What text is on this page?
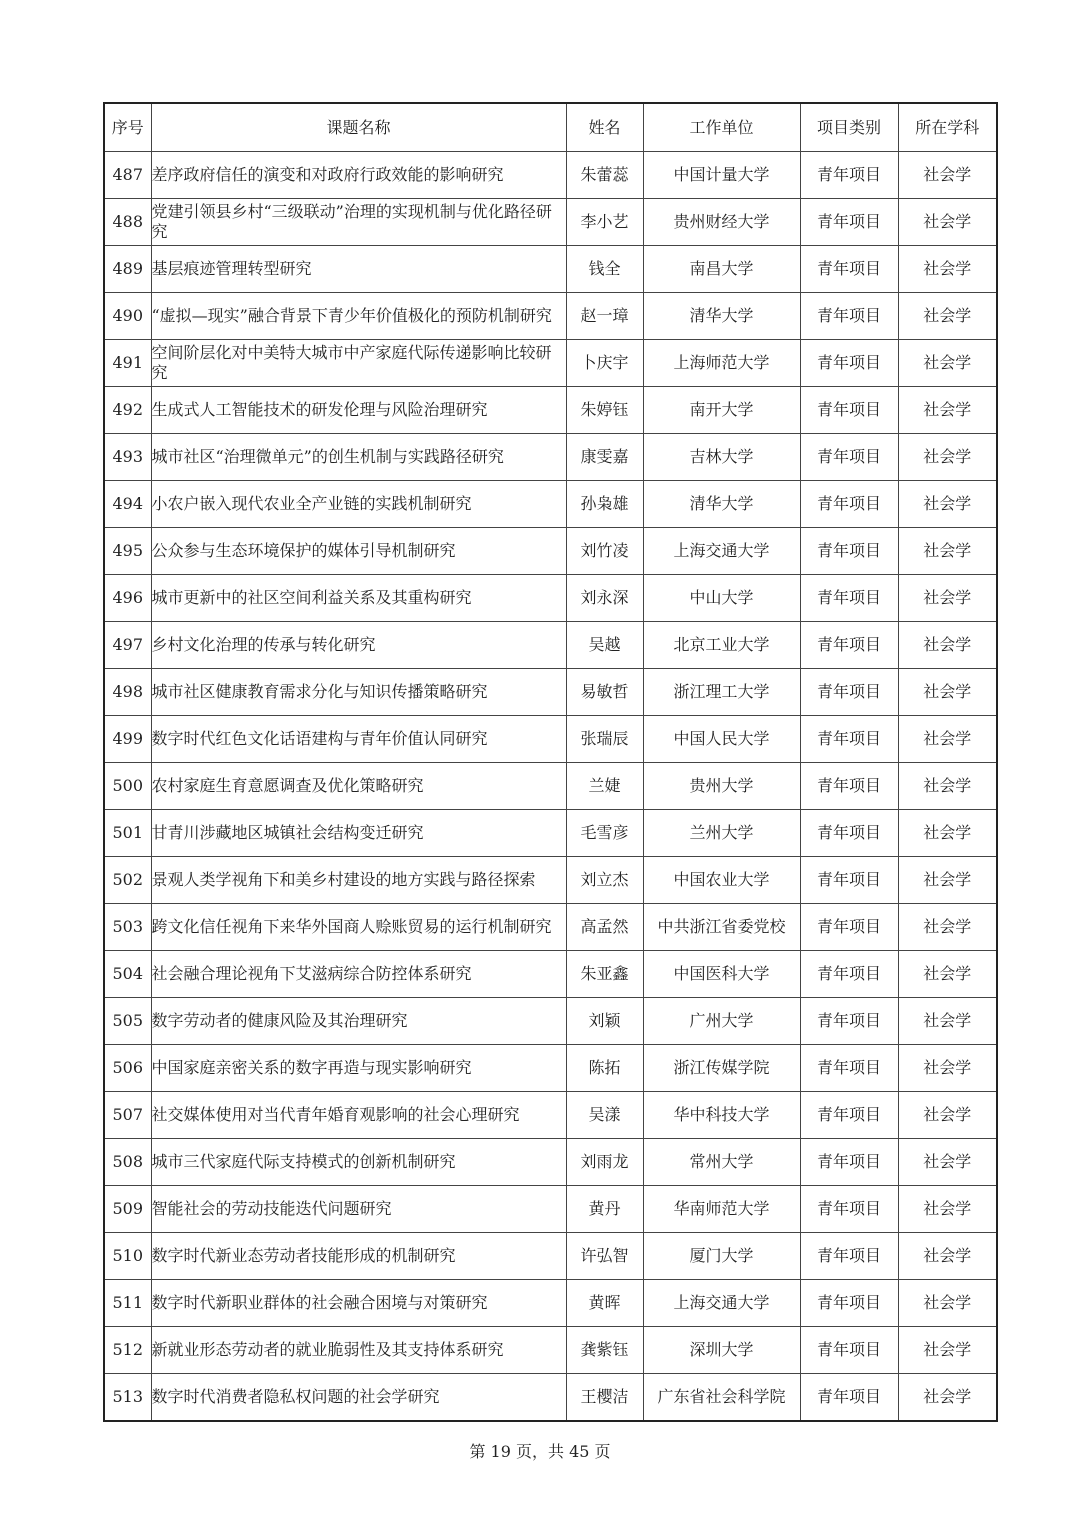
序号	课题名称	姓名	工作单位	项目类别	所在学科
487	差序政府信任的演变和对政府行政效能的影响研究	朱蕾蕊	中国计量大学	青年项目	社会学
488	党建引领县乡村“三级联动”治理的实现机制与优化路径研究	李小艺	贵州财经大学	青年项目	社会学
489	基层痕迹管理转型研究	钱全	南昌大学	青年项目	社会学
490	“虚拟—现实”融合背景下青少年价值极化的预防机制研究	赵一璋	清华大学	青年项目	社会学
491	空间阶层化对中美特大城市中产家庭代际传递影响比较研究	卜庆宇	上海师范大学	青年项目	社会学
492	生成式人工智能技术的研发伦理与风险治理研究	朱婷钰	南开大学	青年项目	社会学
493	城市社区“治理微单元”的创生机制与实践路径研究	康雯嘉	吉林大学	青年项目	社会学
494	小农户嵌入现代农业全产业链的实践机制研究	孙枭雄	清华大学	青年项目	社会学
495	公众参与生态环境保护的媒体引导机制研究	刘竹凌	上海交通大学	青年项目	社会学
496	城市更新中的社区空间利益关系及其重构研究	刘永深	中山大学	青年项目	社会学
497	乡村文化治理的传承与转化研究	吴越	北京工业大学	青年项目	社会学
498	城市社区健康教育需求分化与知识传播策略研究	易敏哲	浙江理工大学	青年项目	社会学
499	数字时代红色文化话语建构与青年价值认同研究	张瑞辰	中国人民大学	青年项目	社会学
500	农村家庭生育意愿调查及优化策略研究	兰婕	贵州大学	青年项目	社会学
501	甘青川涉藏地区城镇社会结构变迁研究	毛雪彦	兰州大学	青年项目	社会学
502	景观人类学视角下和美乡村建设的地方实践与路径探索	刘立杰	中国农业大学	青年项目	社会学
503	跨文化信任视角下来华外国商人赊账贸易的运行机制研究	高孟然	中共浙江省委党校	青年项目	社会学
504	社会融合理论视角下艾滋病综合防控体系研究	朱亚鑫	中国医科大学	青年项目	社会学
505	数字劳动者的健康风险及其治理研究	刘颖	广州大学	青年项目	社会学
506	中国家庭亲密关系的数字再造与现实影响研究	陈拓	浙江传媒学院	青年项目	社会学
507	社交媒体使用对当代青年婚育观影响的社会心理研究	吴漾	华中科技大学	青年项目	社会学
508	城市三代家庭代际支持模式的创新机制研究	刘雨龙	常州大学	青年项目	社会学
509	智能社会的劳动技能迭代问题研究	黄丹	华南师范大学	青年项目	社会学
510	数字时代新业态劳动者技能形成的机制研究	许弘智	厦门大学	青年项目	社会学
511	数字时代新职业群体的社会融合困境与对策研究	黄晖	上海交通大学	青年项目	社会学
512	新就业形态劳动者的就业脆弱性及其支持体系研究	龚紫钰	深圳大学	青年项目	社会学
513	数字时代消费者隐私权问题的社会学研究	王樱洁	广东省社会科学院	青年项目	社会学
第 19 页，共 45 页
